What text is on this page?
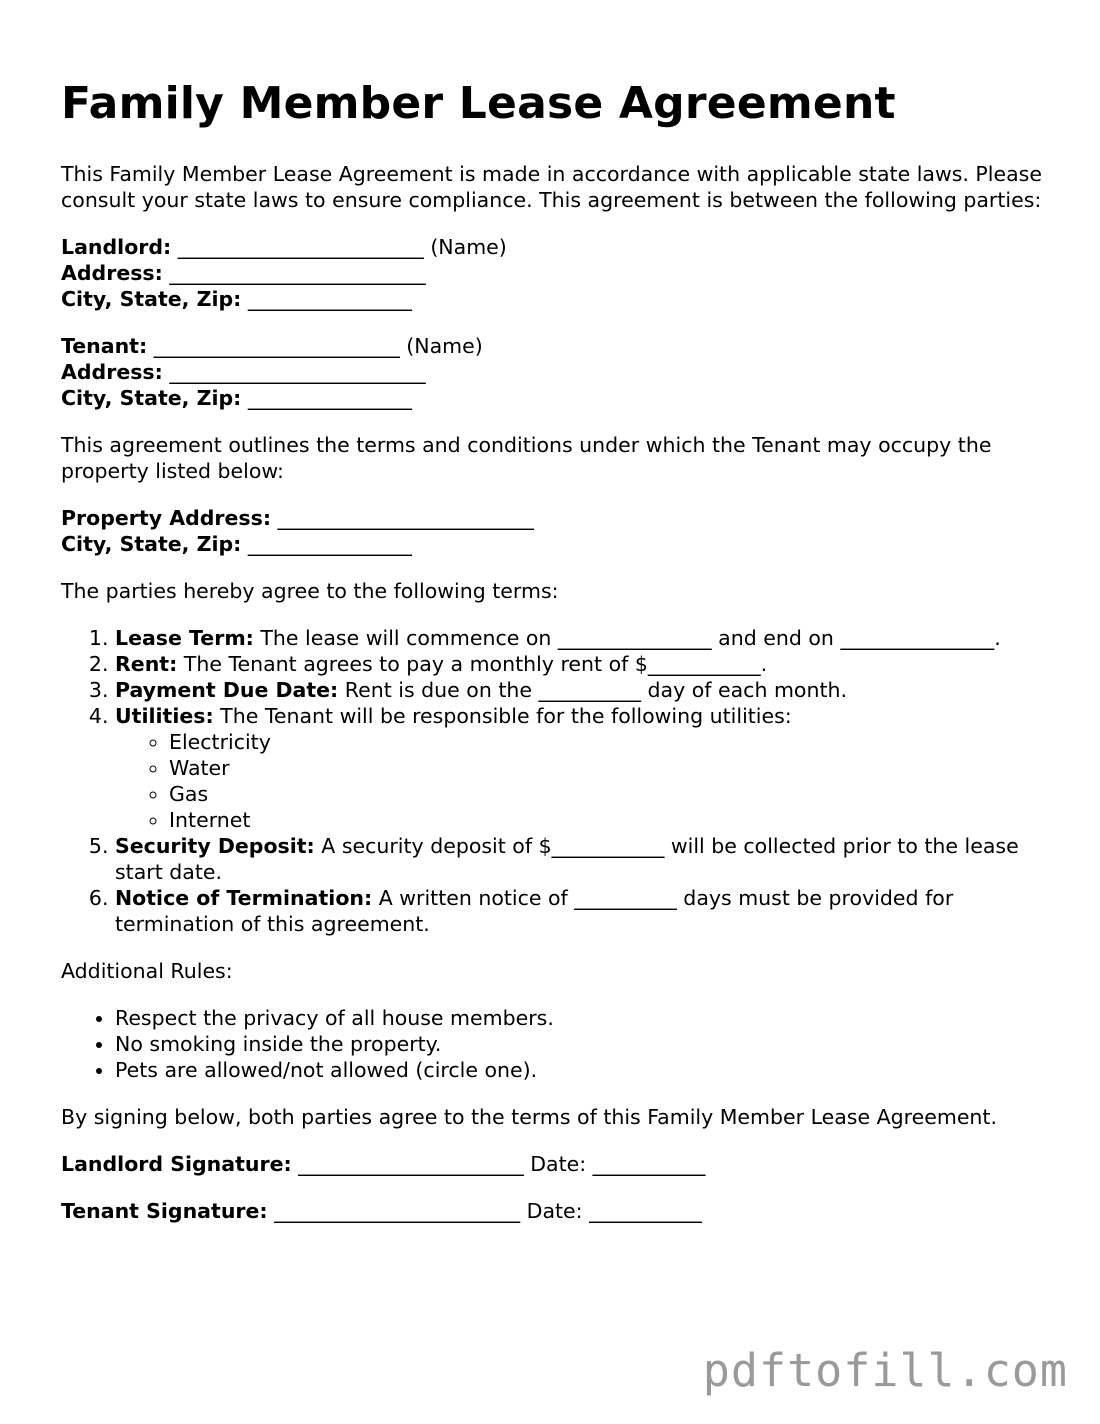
Family Member Lease Agreement

This Family Member Lease Agreement is made in accordance with applicable state laws. Please consult your state laws to ensure compliance. This agreement is between the following parties:

Landlord: ________________________ (Name)
Address: _________________________
City, State, Zip: ________________
Tenant: ________________________ (Name)
Address: _________________________
City, State, Zip: ________________

This agreement outlines the terms and conditions under which the Tenant may occupy the property listed below:

Property Address: _________________________
City, State, Zip: ________________

The parties hereby agree to the following terms:

1. Lease Term: The lease will commence on _______________ and end on _______________.
2. Rent: The Tenant agrees to pay a monthly rent of $___________.
3. Payment Due Date: Rent is due on the __________ day of each month.
4. Utilities: The Tenant will be responsible for the following utilities:
◦ Electricity
◦ Water
◦ Gas
◦ Internet
5. Security Deposit: A security deposit of $___________ will be collected prior to the lease start date.
6. Notice of Termination: A written notice of __________ days must be provided for termination of this agreement.

Additional Rules:

• Respect the privacy of all house members.
• No smoking inside the property.
• Pets are allowed/not allowed (circle one).

By signing below, both parties agree to the terms of this Family Member Lease Agreement.

Landlord Signature: ______________________ Date: ___________
Tenant Signature: ________________________ Date: ___________
pdftofill.com
